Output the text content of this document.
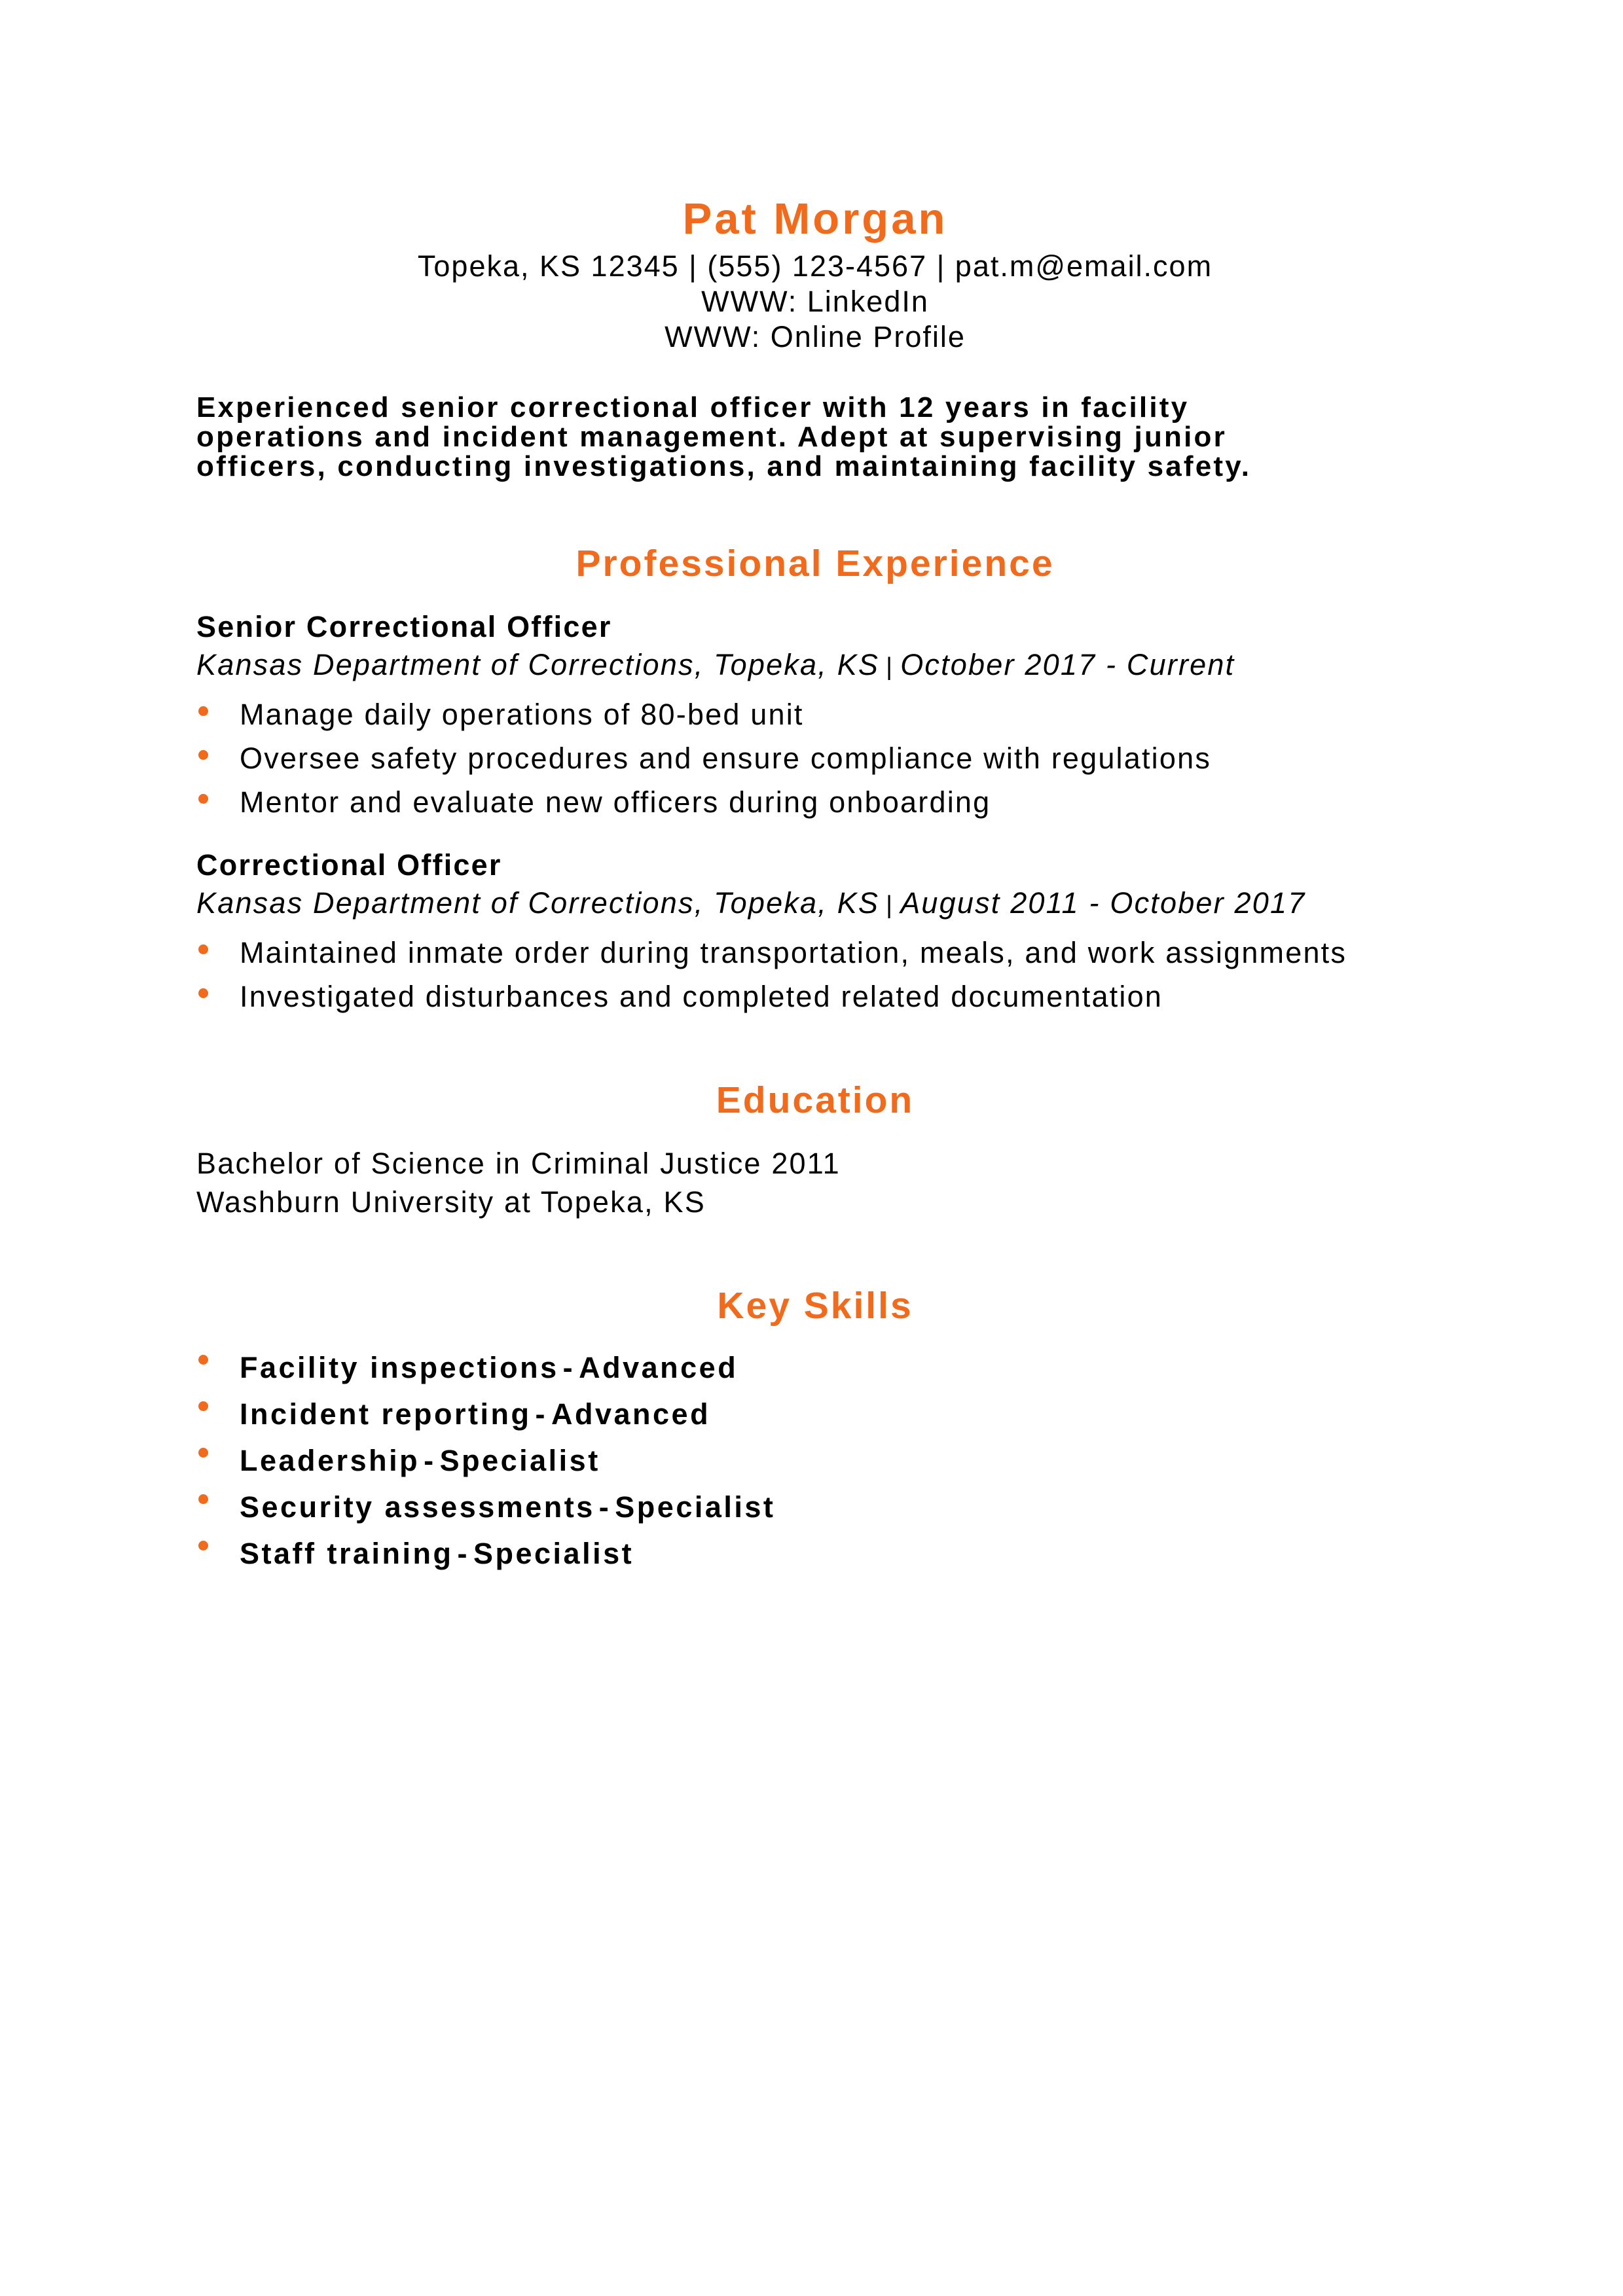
Pat Morgan

Topeka, KS 12345 | (555) 123-4567 | pat.m@email.com

WWW: LinkedIn

WWW: Online Profile

Experienced senior correctional officer with 12 years in facility
operations and incident management. Adept at supervising junior
officers, conducting investigations, and maintaining facility safety.
Professional Experience
Senior Correctional Officer
Kansas Department of Corrections, Topeka, KS | October 2017 - Current
Manage daily operations of 80-bed unit
Oversee safety procedures and ensure compliance with regulations
Mentor and evaluate new officers during onboarding
Correctional Officer
Kansas Department of Corrections, Topeka, KS | August 2011 - October 2017
Maintained inmate order during transportation, meals, and work assignments
Investigated disturbances and completed related documentation
Education
Bachelor of Science in Criminal Justice 2011
Washburn University at Topeka, KS
Key Skills
Facility inspections - Advanced
Incident reporting - Advanced
Leadership - Specialist
Security assessments - Specialist
Staff training - Specialist
